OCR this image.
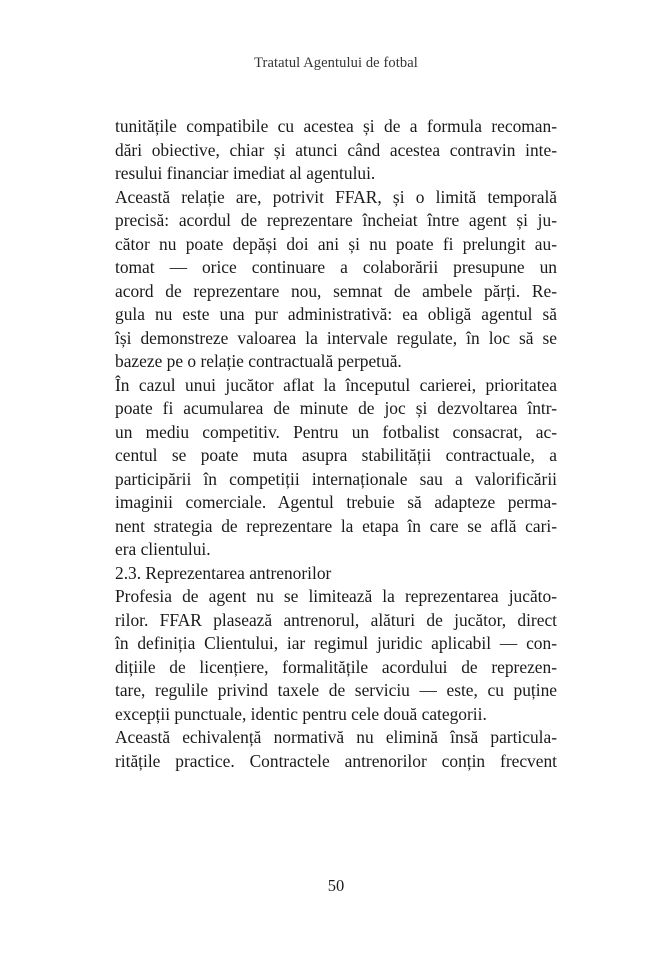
Tratatul Agentului de fotbal
tunitățile compatibile cu acestea și de a formula recoman-
dări obiective, chiar și atunci când acestea contravin inte-
resului financiar imediat al agentului.
Această relație are, potrivit FFAR, și o limită temporală
precisă: acordul de reprezentare încheiat între agent și ju-
cător nu poate depăși doi ani și nu poate fi prelungit au-
tomat — orice continuare a colaborării presupune un
acord de reprezentare nou, semnat de ambele părți. Re-
gula nu este una pur administrativă: ea obligă agentul să
își demonstreze valoarea la intervale regulate, în loc să se
bazeze pe o relație contractuală perpetuă.
În cazul unui jucător aflat la începutul carierei, prioritatea
poate fi acumularea de minute de joc și dezvoltarea într-
un mediu competitiv. Pentru un fotbalist consacrat, ac-
centul se poate muta asupra stabilității contractuale, a
participării în competiții internaționale sau a valorificării
imaginii comerciale. Agentul trebuie să adapteze perma-
nent strategia de reprezentare la etapa în care se află cari-
era clientului.
2.3. Reprezentarea antrenorilor
Profesia de agent nu se limitează la reprezentarea jucăto-
rilor. FFAR plasează antrenorul, alături de jucător, direct
în definiția Clientului, iar regimul juridic aplicabil — con-
dițiile de licențiere, formalitățile acordului de reprezen-
tare, regulile privind taxele de serviciu — este, cu puține
excepții punctuale, identic pentru cele două categorii.
Această echivalență normativă nu elimină însă particula-
ritățile practice. Contractele antrenorilor conțin frecvent
50
